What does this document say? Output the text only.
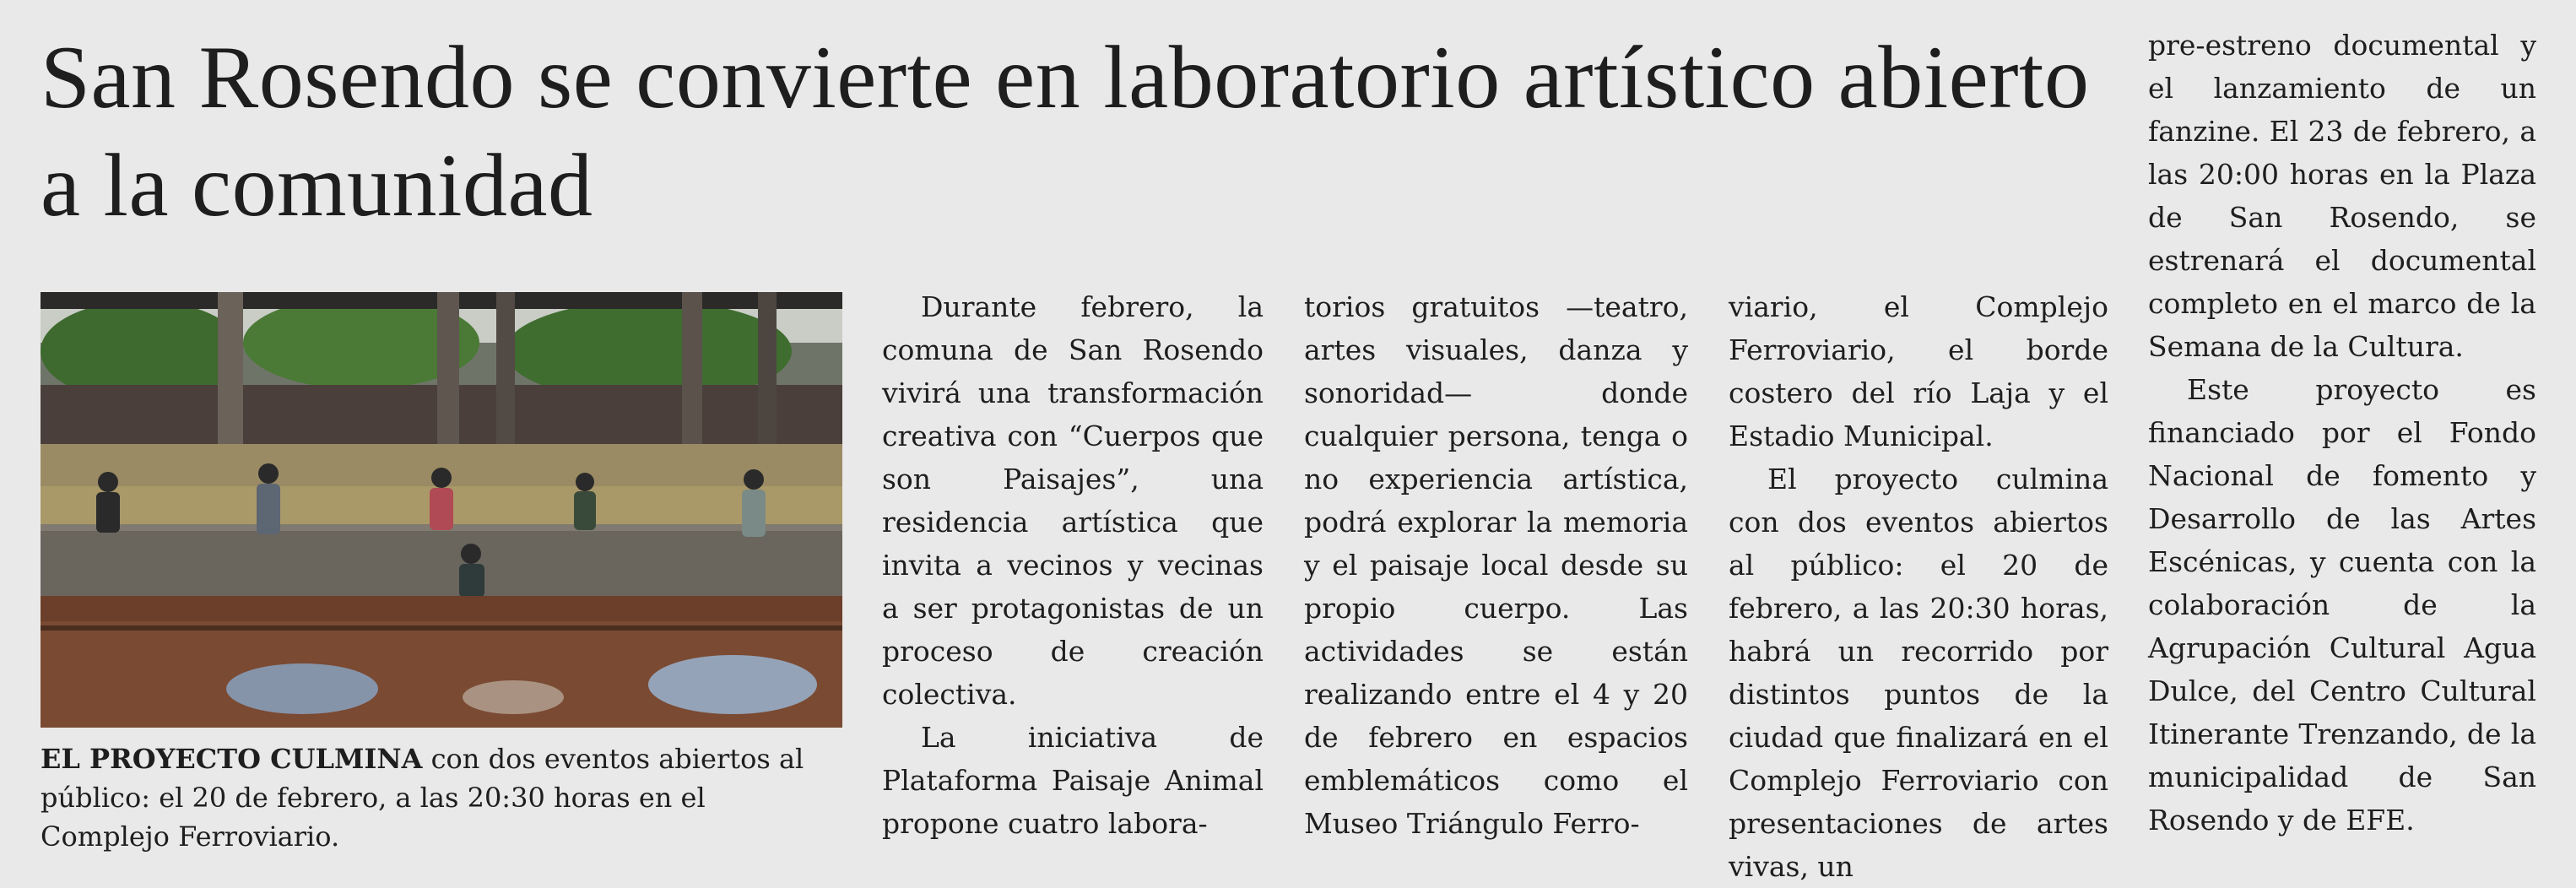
San Rosendo se convierte en laboratorio artístico abierto a la comunidad
EL PROYECTO CULMINA con dos eventos abiertos al público: el 20 de febrero, a las 20:30 horas en el Complejo Ferroviario.

Durante febrero, la comuna de San Rosendo vivirá una transformación creativa con “Cuerpos que son Paisajes”, una residencia artística que invita a vecinos y vecinas a ser protagonistas de un proceso de creación colectiva.

La iniciativa de Plataforma Paisaje Animal propone cuatro labora-

torios gratuitos —teatro, artes visuales, danza y sonoridad— donde cualquier persona, tenga o no experiencia artística, podrá explorar la memoria y el paisaje local desde su propio cuerpo. Las actividades se están realizando entre el 4 y 20 de febrero en espacios emblemáticos como el Museo Triángulo Ferro-

viario, el Complejo Ferroviario, el borde costero del río Laja y el Estadio Municipal.

El proyecto culmina con dos eventos abiertos al público: el 20 de febrero, a las 20:30 horas, habrá un recorrido por distintos puntos de la ciudad que finalizará en el Complejo Ferroviario con presentaciones de artes vivas, un

pre-estreno documental y el lanzamiento de un fanzine. El 23 de febrero, a las 20:00 horas en la Plaza de San Rosendo, se estrenará el documental completo en el marco de la Semana de la Cultura.

Este proyecto es financiado por el Fondo Nacional de fomento y Desarrollo de las Artes Escénicas, y cuenta con la colaboración de la Agrupación Cultural Agua Dulce, del Centro Cultural Itinerante Trenzando, de la municipalidad de San Rosendo y de EFE.
